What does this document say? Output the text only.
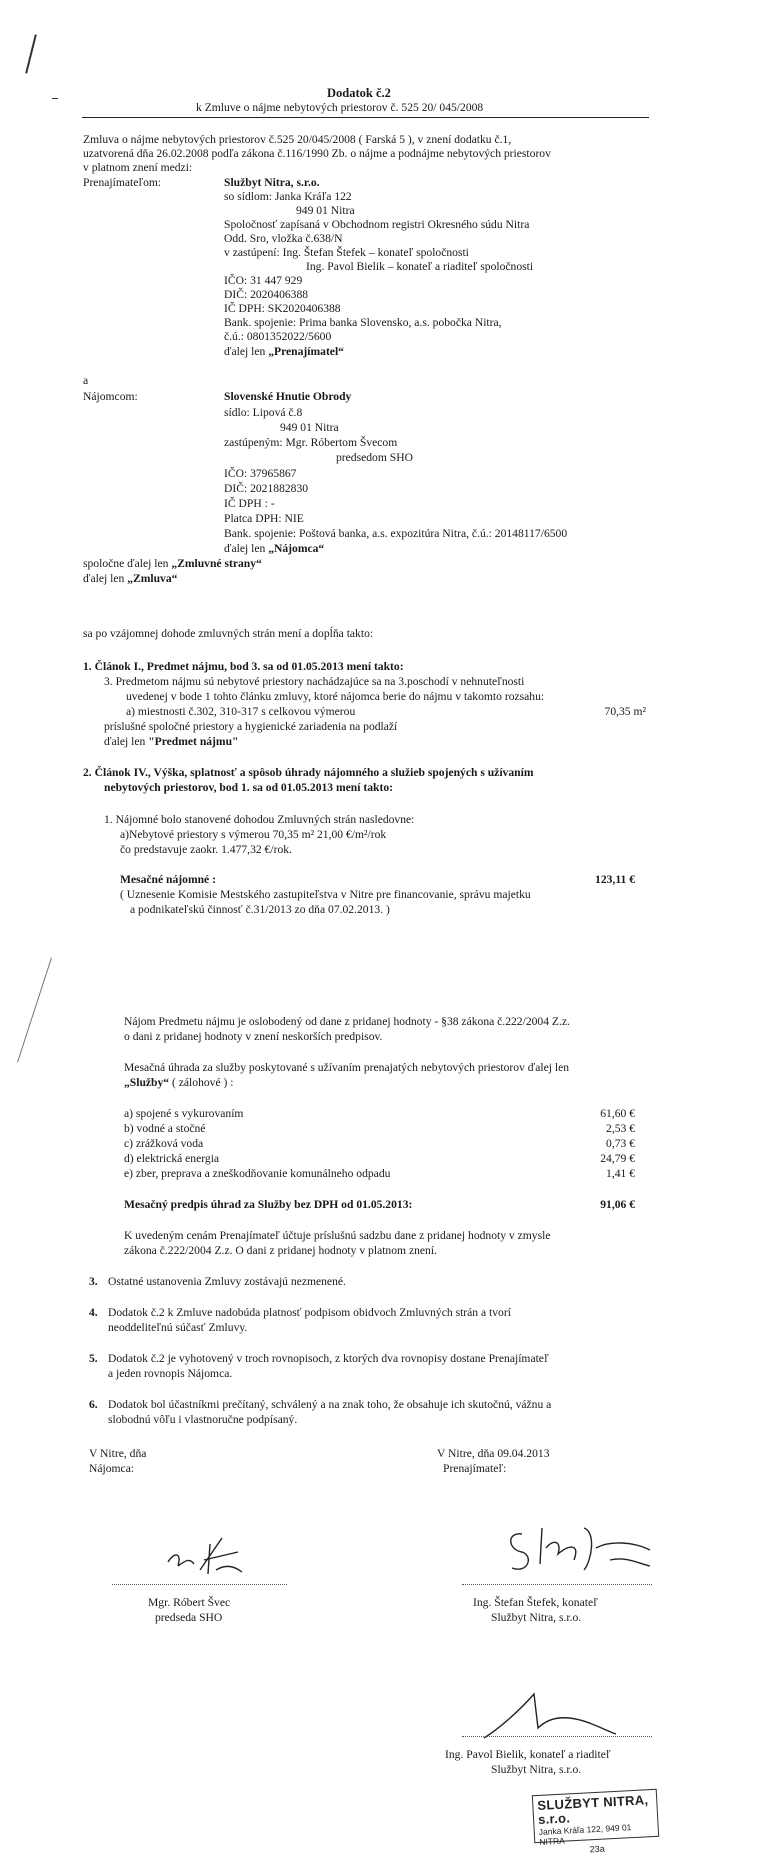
Dodatok č.2
k Zmluve o nájme nebytových priestorov č. 525 20/ 045/2008
Zmluva o nájme nebytových priestorov č.525 20/045/2008 ( Farská 5 ), v znení dodatku č.1,
uzatvorená dňa 26.02.2008 podľa zákona č.116/1990 Zb. o nájme a podnájme nebytových priestorov
v platnom znení medzi:
Prenajímateľom:	Službyt Nitra, s.r.o.
so sídlom: Janka Kráľa 122
949 01 Nitra
Spoločnosť zapísaná v Obchodnom registri Okresného súdu Nitra
Odd. Sro, vložka č.638/N
v zastúpení: Ing. Štefan Štefek – konateľ spoločnosti
Ing. Pavol Bielik – konateľ a riaditeľ spoločnosti
IČO: 31 447 929
DIČ: 2020406388
IČ DPH: SK2020406388
Bank. spojenie: Prima banka Slovensko, a.s. pobočka Nitra,
č.ú.: 0801352022/5600
ďalej len „Prenajímatel“
a
Nájomcom:	Slovenské Hnutie Obrody
sídlo: Lipová č.8
949 01 Nitra
zastúpeným: Mgr. Róbertom Švecom
predsedom SHO
IČO: 37965867
DIČ: 2021882830
IČ DPH : -
Platca DPH: NIE
Bank. spojenie: Poštová banka, a.s. expozitúra Nitra, č.ú.: 20148117/6500
ďalej len „Nájomca“
spoločne ďalej len „Zmluvné strany“
ďalej len „Zmluva“
sa po vzájomnej dohode zmluvných strán mení a dopĺňa takto:
1. Článok I., Predmet nájmu, bod 3. sa od 01.05.2013 mení takto:
3. Predmetom nájmu sú nebytové priestory nachádzajúce sa na 3.poschodí v nehnuteľnosti
uvedenej v bode 1 tohto článku zmluvy, ktoré nájomca berie do nájmu v takomto rozsahu:
a) miestnosti č.302, 310-317 s celkovou výmerou	70,35 m²
príslušné spoločné priestory a hygienické zariadenia na podlaží
ďalej len "Predmet nájmu"
2. Článok IV., Výška, splatnosť a spôsob úhrady nájomného a služieb spojených s užívaním
nebytových priestorov, bod 1. sa od 01.05.2013 mení takto:
1. Nájomné bolo stanovené dohodou Zmluvných strán nasledovne:
a)Nebytové priestory s výmerou 70,35 m² 21,00 €/m²/rok
čo predstavuje zaokr. 1.477,32 €/rok.
Mesačné nájomné :	123,11 €
( Uznesenie Komisie Mestského zastupiteľstva v Nitre pre financovanie, správu majetku
a podnikateľskú činnosť č.31/2013 zo dňa 07.02.2013. )
Nájom Predmetu nájmu je oslobodený od dane z pridanej hodnoty - §38 zákona č.222/2004 Z.z.
o dani z pridanej hodnoty v znení neskorších predpisov.
Mesačná úhrada za služby poskytované s užívaním prenajatých nebytových priestorov ďalej len
„Služby“ ( zálohové ) :
a) spojené s vykurovaním	61,60 €
b) vodné a stočné	2,53 €
c) zrážková voda	0,73 €
d) elektrická energia	24,79 €
e) zber, preprava a zneškodňovanie komunálneho odpadu	1,41 €
Mesačný predpis úhrad za Služby bez DPH od 01.05.2013:	91,06 €
K uvedeným cenám Prenajímateľ účtuje príslušnú sadzbu dane z pridanej hodnoty v zmysle
zákona č.222/2004 Z.z. O dani z pridanej hodnoty v platnom znení.
3. Ostatné ustanovenia Zmluvy zostávajú nezmenené.
4. Dodatok č.2 k Zmluve nadobúda platnosť podpisom obidvoch Zmluvných strán a tvorí
neoddeliteľnú súčasť Zmluvy.
5. Dodatok č.2 je vyhotovený v troch rovnopisoch, z ktorých dva rovnopisy dostane Prenajímateľ
a jeden rovnopis Nájomca.
6. Dodatok bol účastníkmi prečítaný, schválený a na znak toho, že obsahuje ich skutočnú, vážnu a
slobodnú vôľu i vlastnoručne podpísaný.
V Nitre, dňa
Nájomca:
V Nitre, dňa 09.04.2013
Prenajímateľ:
Mgr. Róbert Švec
predseda SHO
Ing. Štefan Štefek, konateľ
Službyt Nitra, s.r.o.
Ing. Pavol Bielik, konateľ a riaditeľ
Službyt Nitra, s.r.o.
SLUŽBYT NITRA, s.r.o.
Janka Kráľa 122, 949 01 NITRA
23a
